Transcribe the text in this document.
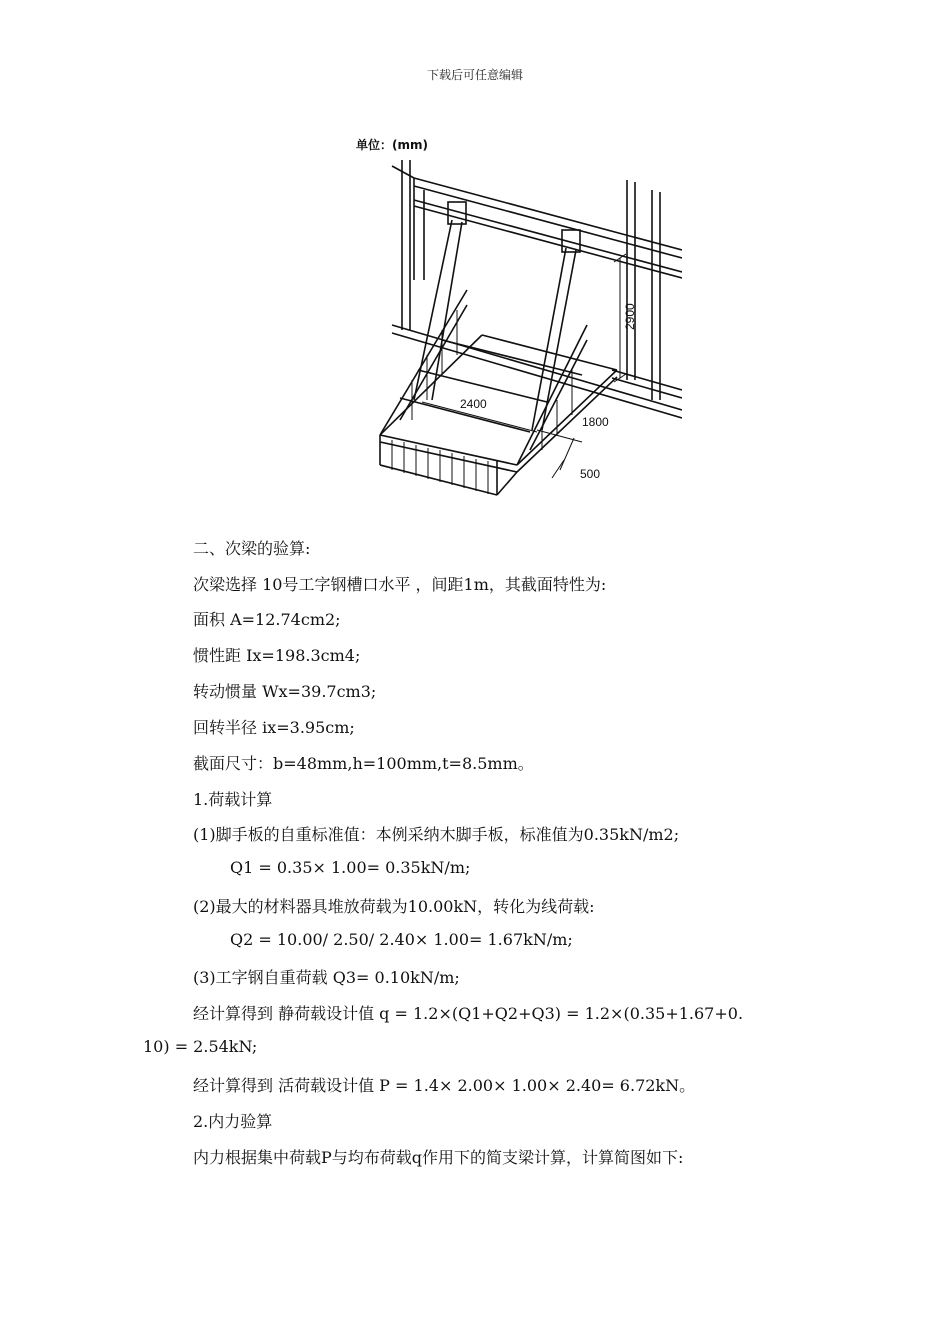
下载后可任意编辑
2900
2400
1800
500
单位：(mm)
二、次梁的验算:
次梁选择 10号工字钢槽口水平 ，间距1m，其截面特性为:
面积 A=12.74cm2;
惯性距 Ix=198.3cm4;
转动惯量 Wx=39.7cm3;
回转半径 ix=3.95cm;
截面尺寸：b=48mm,h=100mm,t=8.5mm。
1.荷载计算
(1)脚手板的自重标准值：本例采纳木脚手板，标准值为0.35kN/m2;
Q1 = 0.35× 1.00= 0.35kN/m;
(2)最大的材料器具堆放荷载为10.00kN，转化为线荷载:
Q2 = 10.00/ 2.50/ 2.40× 1.00= 1.67kN/m;
(3)工字钢自重荷载 Q3= 0.10kN/m;
经计算得到 静荷载设计值 q = 1.2×(Q1+Q2+Q3) = 1.2×(0.35+1.67+0.
10) = 2.54kN;
经计算得到 活荷载设计值 P = 1.4× 2.00× 1.00× 2.40= 6.72kN。
2.内力验算
内力根据集中荷载P与均布荷载q作用下的简支梁计算，计算简图如下:
